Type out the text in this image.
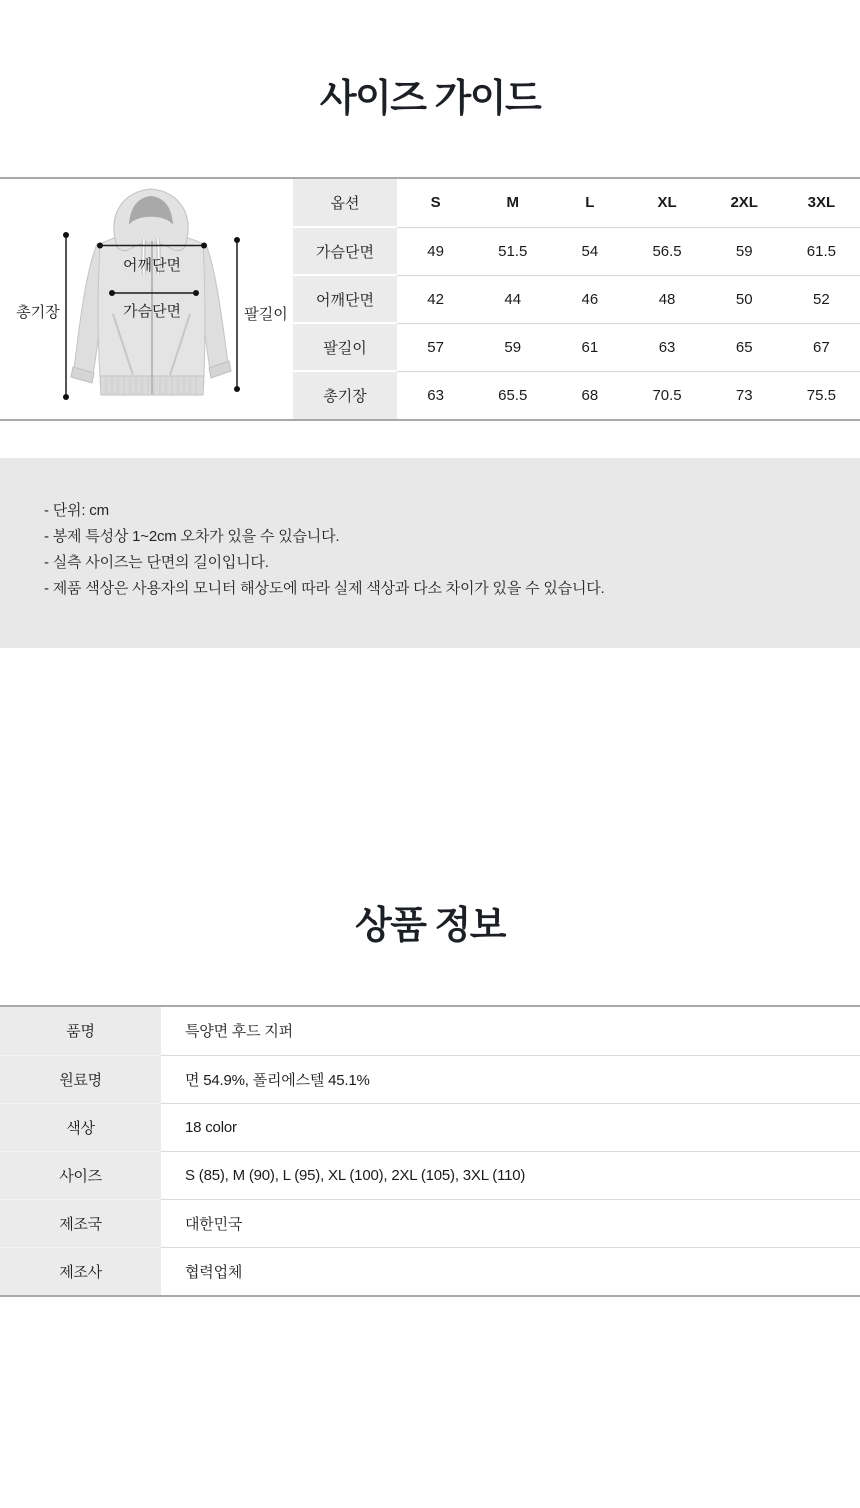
사이즈 가이드
어깨단면
가슴단면
총기장	팔길이
옵션	S	M	L	XL	2XL	3XL
가슴단면	49	51.5	54	56.5	59	61.5
어깨단면	42	44	46	48	50	52
팔길이	57	59	61	63	65	67
총기장	63	65.5	68	70.5	73	75.5

- 단위: cm

- 봉제 특성상 1~2cm 오차가 있을 수 있습니다.

- 실측 사이즈는 단면의 길이입니다.

- 제품 색상은 사용자의 모니터 해상도에 따라 실제 색상과 다소 차이가 있을 수 있습니다.

상품 정보
품명	특양면 후드 지퍼
원료명	면 54.9%, 폴리에스텔 45.1%
색상	18 color
사이즈	S (85), M (90), L (95), XL (100), 2XL (105), 3XL (110)
제조국	대한민국
제조사	협력업체
